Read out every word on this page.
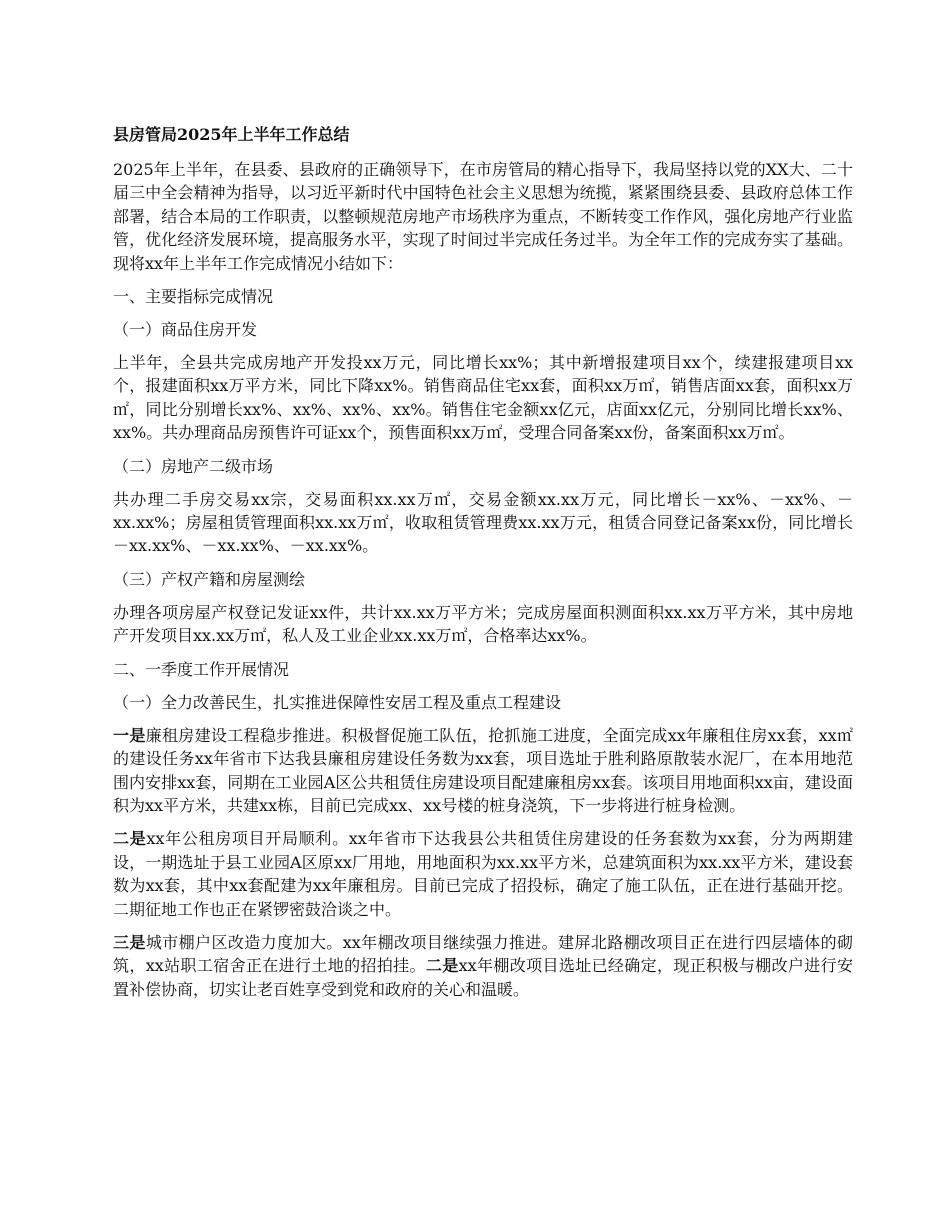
县房管局2025年上半年工作总结

2025年上半年，在县委、县政府的正确领导下，在市房管局的精心指导下，我局坚持以党的XX大、二十届三中全会精神为指导，以习近平新时代中国特色社会主义思想为统揽，紧紧围绕县委、县政府总体工作部署，结合本局的工作职责，以整顿规范房地产市场秩序为重点，不断转变工作作风，强化房地产行业监管，优化经济发展环境，提高服务水平，实现了时间过半完成任务过半。为全年工作的完成夯实了基础。现将xx年上半年工作完成情况小结如下：

一、主要指标完成情况
（一）商品住房开发

上半年，全县共完成房地产开发投xx万元，同比增长xx%；其中新增报建项目xx个，续建报建项目xx个，报建面积xx万平方米，同比下降xx%。销售商品住宅xx套，面积xx万㎡，销售店面xx套，面积xx万㎡，同比分别增长xx%、xx%、xx%、xx%。销售住宅金额xx亿元，店面xx亿元，分别同比增长xx%、xx%。共办理商品房预售许可证xx个，预售面积xx万㎡，受理合同备案xx份，备案面积xx万㎡。

（二）房地产二级市场

共办理二手房交易xx宗，交易面积xx.xx万㎡，交易金额xx.xx万元，同比增长－xx%、－xx%、－xx.xx%；房屋租赁管理面积xx.xx万㎡，收取租赁管理费xx.xx万元，租赁合同登记备案xx份，同比增长－xx.xx%、－xx.xx%、－xx.xx%。

（三）产权产籍和房屋测绘

办理各项房屋产权登记发证xx件，共计xx.xx万平方米；完成房屋面积测面积xx.xx万平方米，其中房地产开发项目xx.xx万㎡，私人及工业企业xx.xx万㎡，合格率达xx%。

二、一季度工作开展情况
（一）全力改善民生，扎实推进保障性安居工程及重点工程建设

一是廉租房建设工程稳步推进。积极督促施工队伍，抢抓施工进度，全面完成xx年廉租住房xx套，xx㎡的建设任务xx年省市下达我县廉租房建设任务数为xx套，项目选址于胜利路原散装水泥厂，在本用地范围内安排xx套，同期在工业园A区公共租赁住房建设项目配建廉租房xx套。该项目用地面积xx亩，建设面积为xx平方米，共建xx栋，目前已完成xx、xx号楼的桩身浇筑，下一步将进行桩身检测。

二是xx年公租房项目开局顺利。xx年省市下达我县公共租赁住房建设的任务套数为xx套，分为两期建设，一期选址于县工业园A区原xx厂用地，用地面积为xx.xx平方米，总建筑面积为xx.xx平方米，建设套数为xx套，其中xx套配建为xx年廉租房。目前已完成了招投标，确定了施工队伍，正在进行基础开挖。二期征地工作也正在紧锣密鼓洽谈之中。

三是城市棚户区改造力度加大。xx年棚改项目继续强力推进。建屏北路棚改项目正在进行四层墙体的砌筑，xx站职工宿舍正在进行土地的招拍挂。二是xx年棚改项目选址已经确定，现正积极与棚改户进行安置补偿协商，切实让老百姓享受到党和政府的关心和温暖。
